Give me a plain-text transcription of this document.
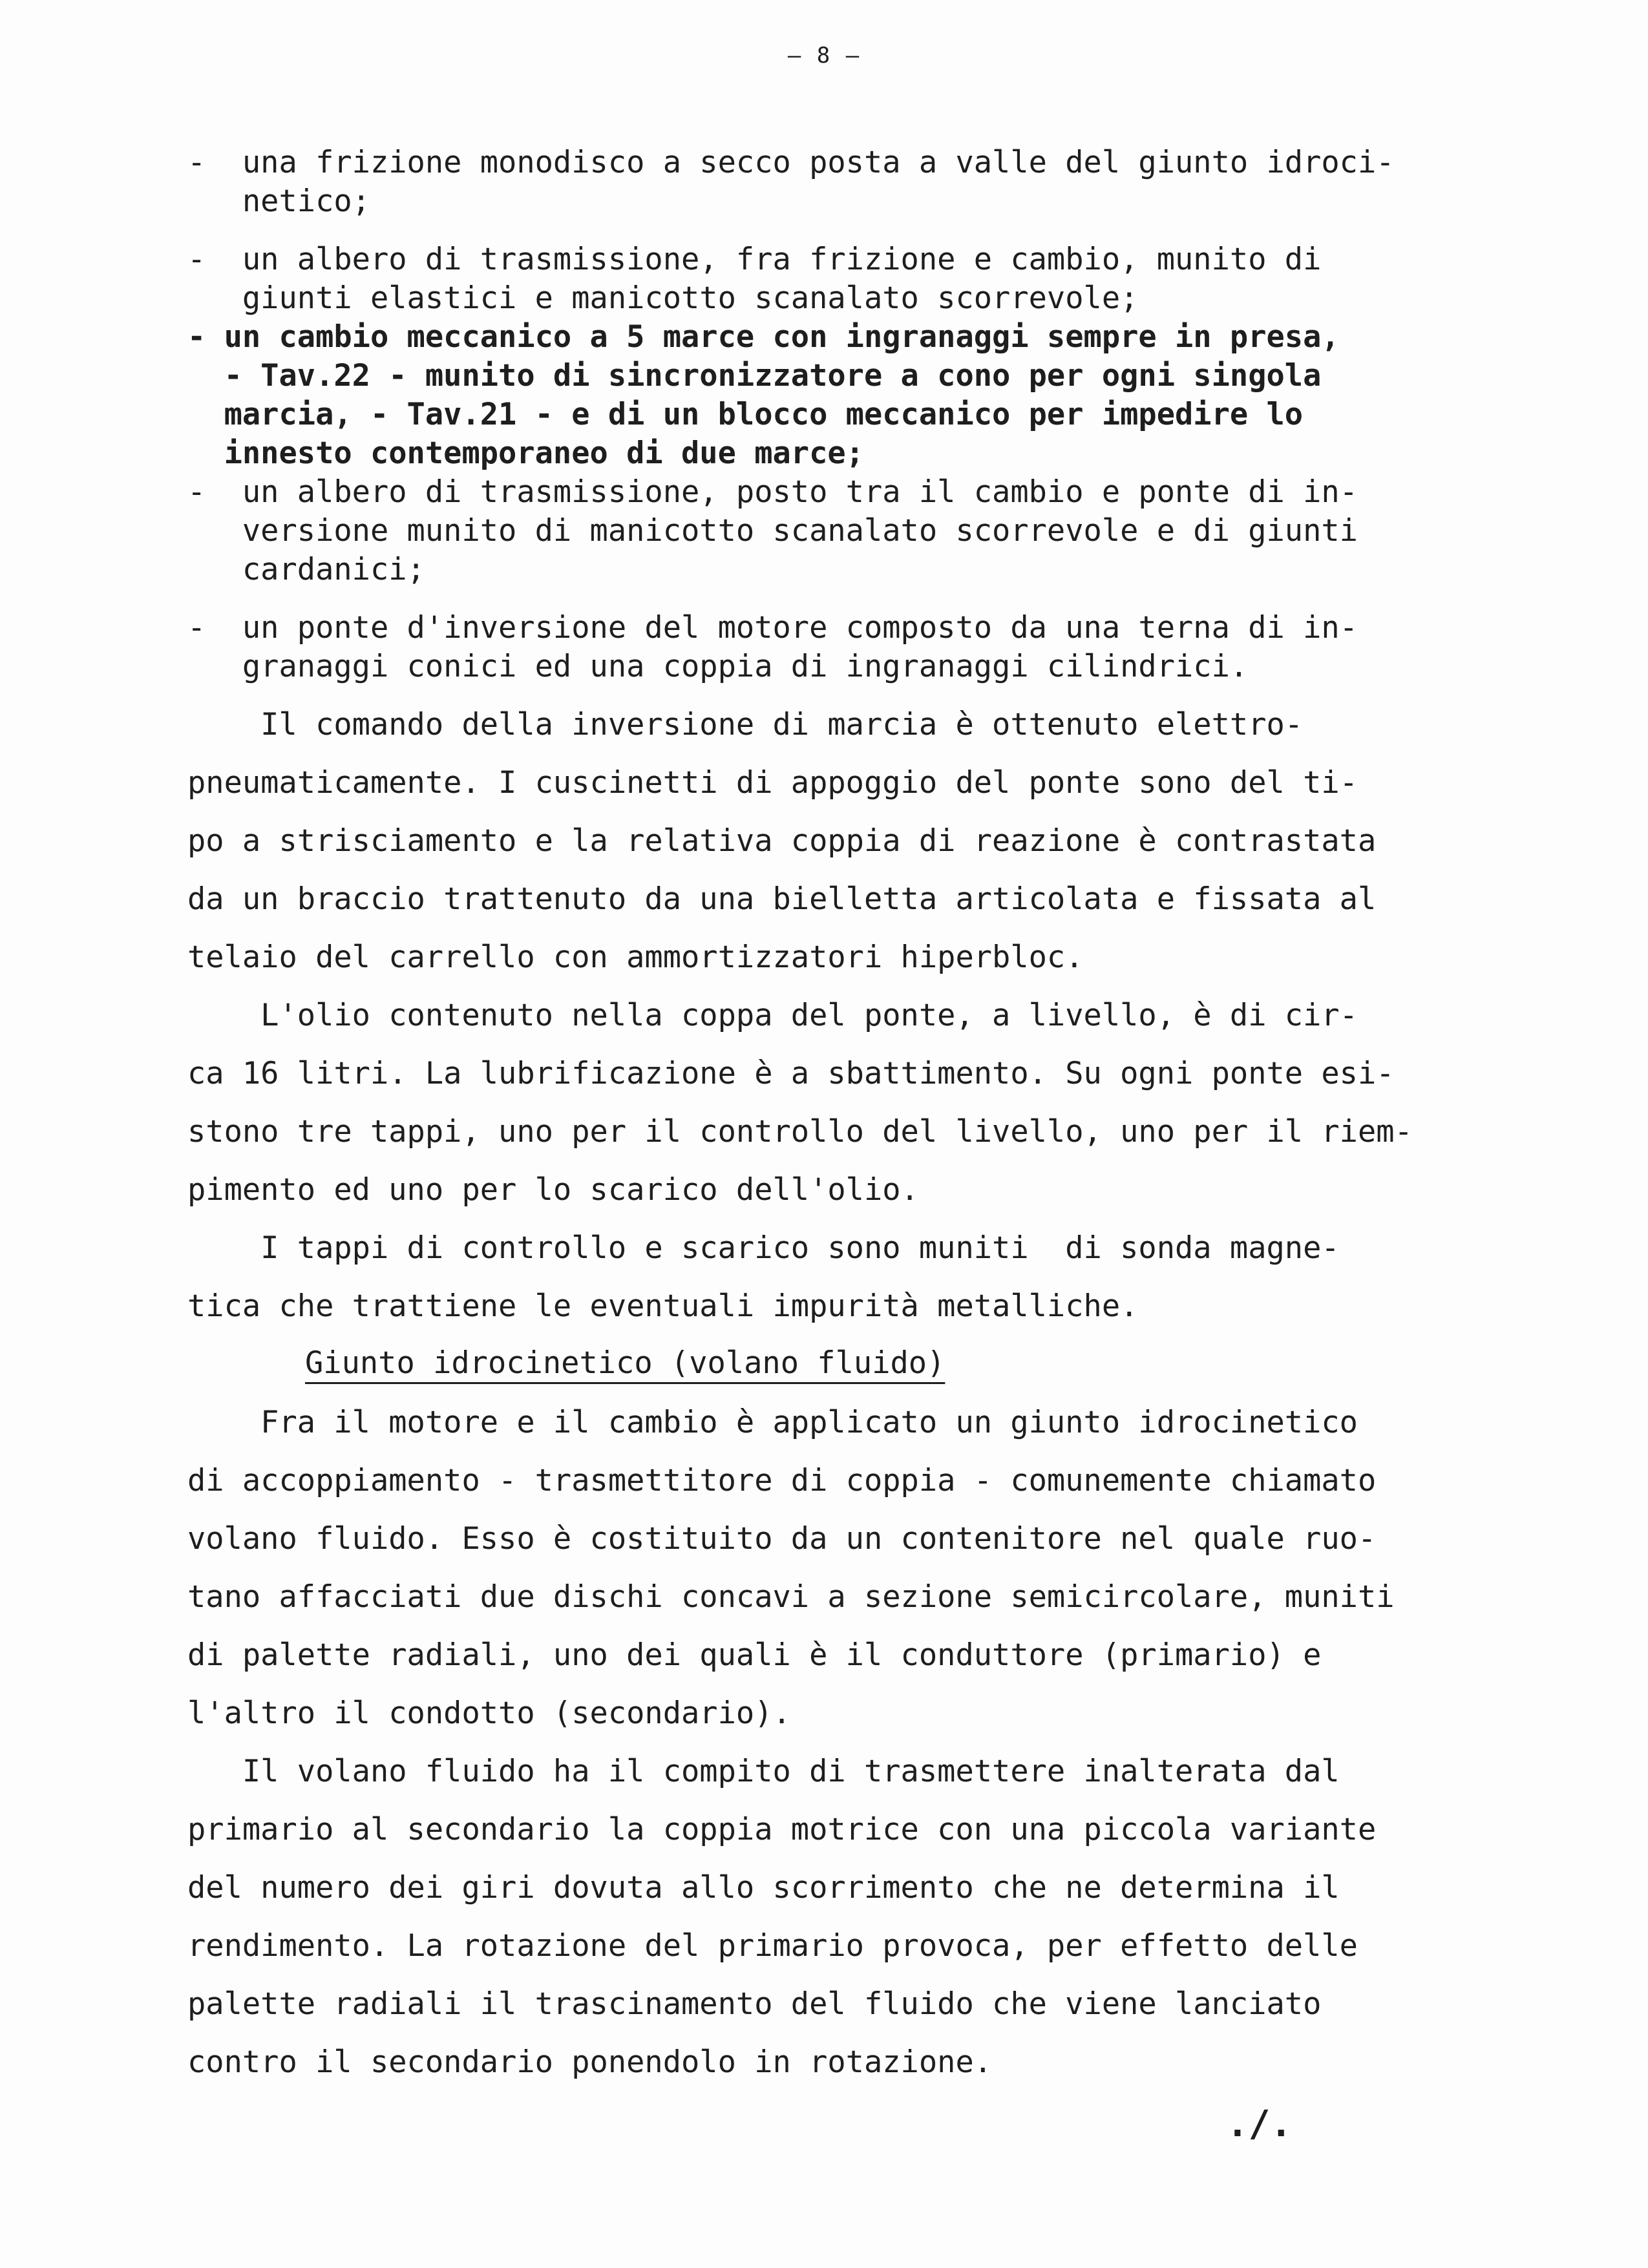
— 8 —
-  una frizione monodisco a secco posta a valle del giunto idroci-
netico;
-  un albero di trasmissione, fra frizione e cambio, munito di
giunti elastici e manicotto scanalato scorrevole;
- un cambio meccanico a 5 marce con ingranaggi sempre in presa,
- Tav.22 - munito di sincronizzatore a cono per ogni singola
marcia, - Tav.21 - e di un blocco meccanico per impedire lo
innesto contemporaneo di due marce;
-  un albero di trasmissione, posto tra il cambio e ponte di in-
versione munito di manicotto scanalato scorrevole e di giunti
cardanici;
-  un ponte d'inversione del motore composto da una terna di in-
granaggi conici ed una coppia di ingranaggi cilindrici.
Il comando della inversione di marcia è ottenuto elettro-
pneumaticamente. I cuscinetti di appoggio del ponte sono del ti-
po a strisciamento e la relativa coppia di reazione è contrastata
da un braccio trattenuto da una bielletta articolata e fissata al
telaio del carrello con ammortizzatori hiperbloc.
L'olio contenuto nella coppa del ponte, a livello, è di cir-
ca 16 litri. La lubrificazione è a sbattimento. Su ogni ponte esi-
stono tre tappi, uno per il controllo del livello, uno per il riem-
pimento ed uno per lo scarico dell'olio.
I tappi di controllo e scarico sono muniti  di sonda magne-
tica che trattiene le eventuali impurità metalliche.
Giunto idrocinetico (volano fluido)
Fra il motore e il cambio è applicato un giunto idrocinetico
di accoppiamento - trasmettitore di coppia - comunemente chiamato
volano fluido. Esso è costituito da un contenitore nel quale ruo-
tano affacciati due dischi concavi a sezione semicircolare, muniti
di palette radiali, uno dei quali è il conduttore (primario) e
l'altro il condotto (secondario).
Il volano fluido ha il compito di trasmettere inalterata dal
primario al secondario la coppia motrice con una piccola variante
del numero dei giri dovuta allo scorrimento che ne determina il
rendimento. La rotazione del primario provoca, per effetto delle
palette radiali il trascinamento del fluido che viene lanciato
contro il secondario ponendolo in rotazione.
./.
